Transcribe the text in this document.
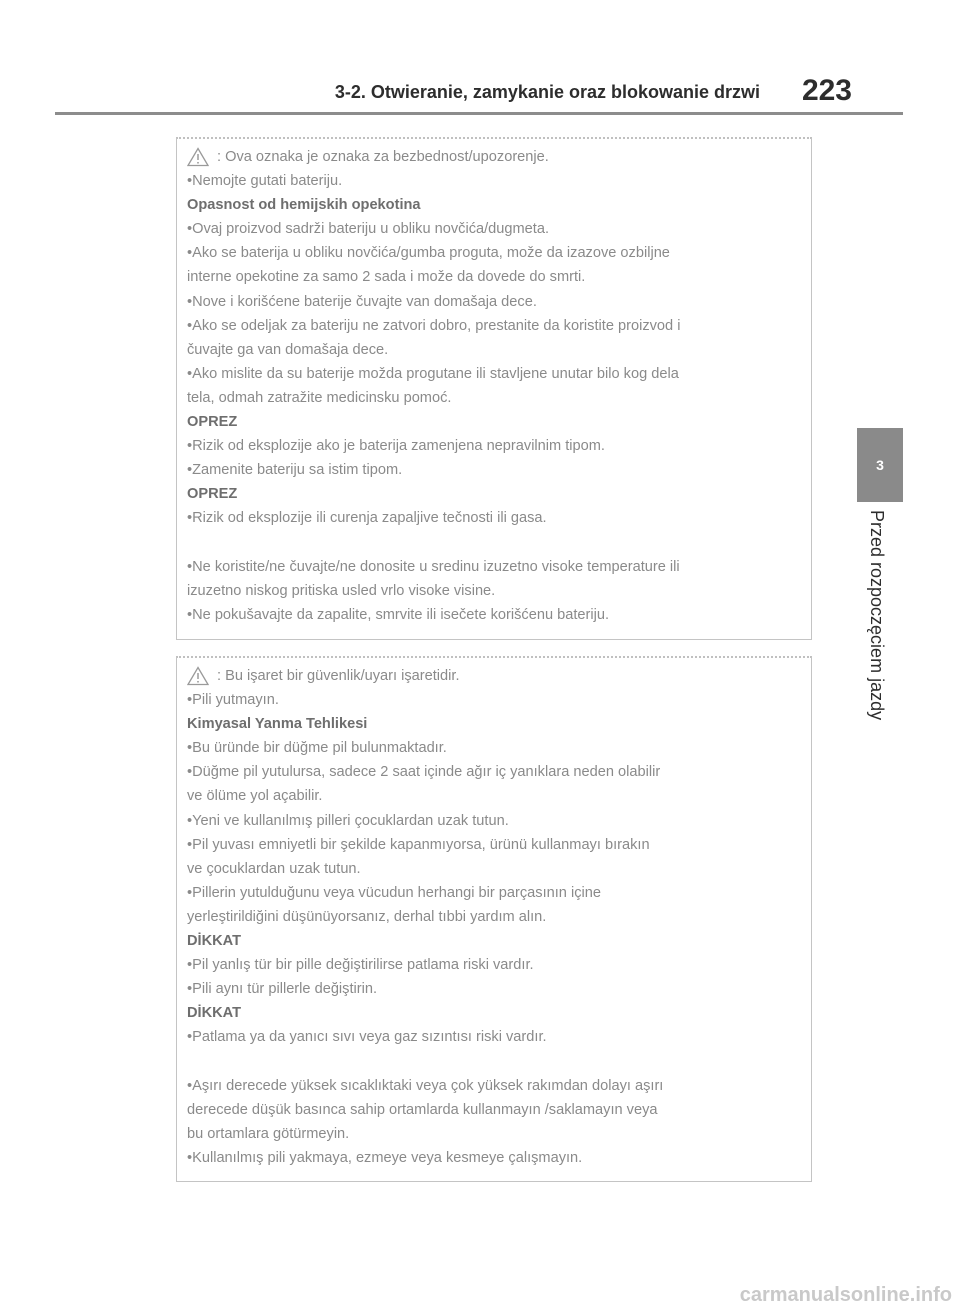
3-2. Otwieranie, zamykanie oraz blokowanie drzwi 223
3
Przed rozpoczęciem jazdy
: Ova oznaka je oznaka za bezbednost/upozorenje.
•Nemojte gutati bateriju.
Opasnost od hemijskih opekotina
•Ovaj proizvod sadrži bateriju u obliku novčića/dugmeta.
•Ako se baterija u obliku novčića/gumba proguta, može da izazove ozbiljne
interne opekotine za samo 2 sada i može da dovede do smrti.
•Nove i korišćene baterije čuvajte van domašaja dece.
•Ako se odeljak za bateriju ne zatvori dobro, prestanite da koristite proizvod i
čuvajte ga van domašaja dece.
•Ako mislite da su baterije možda progutane ili stavljene unutar bilo kog dela
tela, odmah zatražite medicinsku pomoć.
OPREZ
•Rizik od eksplozije ako je baterija zamenjena nepravilnim tipom.
•Zamenite bateriju sa istim tipom.
OPREZ
•Rizik od eksplozije ili curenja zapaljive tečnosti ili gasa.
•Ne koristite/ne čuvajte/ne donosite u sredinu izuzetno visoke temperature ili
izuzetno niskog pritiska usled vrlo visoke visine.
•Ne pokušavajte da zapalite, smrvite ili isečete korišćenu bateriju.
: Bu işaret bir güvenlik/uyarı işaretidir.
•Pili yutmayın.
Kimyasal Yanma Tehlikesi
•Bu üründe bir düğme pil bulunmaktadır.
•Düğme pil yutulursa, sadece 2 saat içinde ağır iç yanıklara neden olabilir
ve ölüme yol açabilir.
•Yeni ve kullanılmış pilleri çocuklardan uzak tutun.
•Pil yuvası emniyetli bir şekilde kapanmıyorsa, ürünü kullanmayı bırakın
ve çocuklardan uzak tutun.
•Pillerin yutulduğunu veya vücudun herhangi bir parçasının içine
yerleştirildiğini düşünüyorsanız, derhal tıbbi yardım alın.
DİKKAT
•Pil yanlış tür bir pille değiştirilirse patlama riski vardır.
•Pili aynı tür pillerle değiştirin.
DİKKAT
•Patlama ya da yanıcı sıvı veya gaz sızıntısı riski vardır.
•Aşırı derecede yüksek sıcaklıktaki veya çok yüksek rakımdan dolayı aşırı
derecede düşük basınca sahip ortamlarda kullanmayın /saklamayın veya
bu ortamlara götürmeyin.
•Kullanılmış pili yakmaya, ezmeye veya kesmeye çalışmayın.
carmanualsonline.info
